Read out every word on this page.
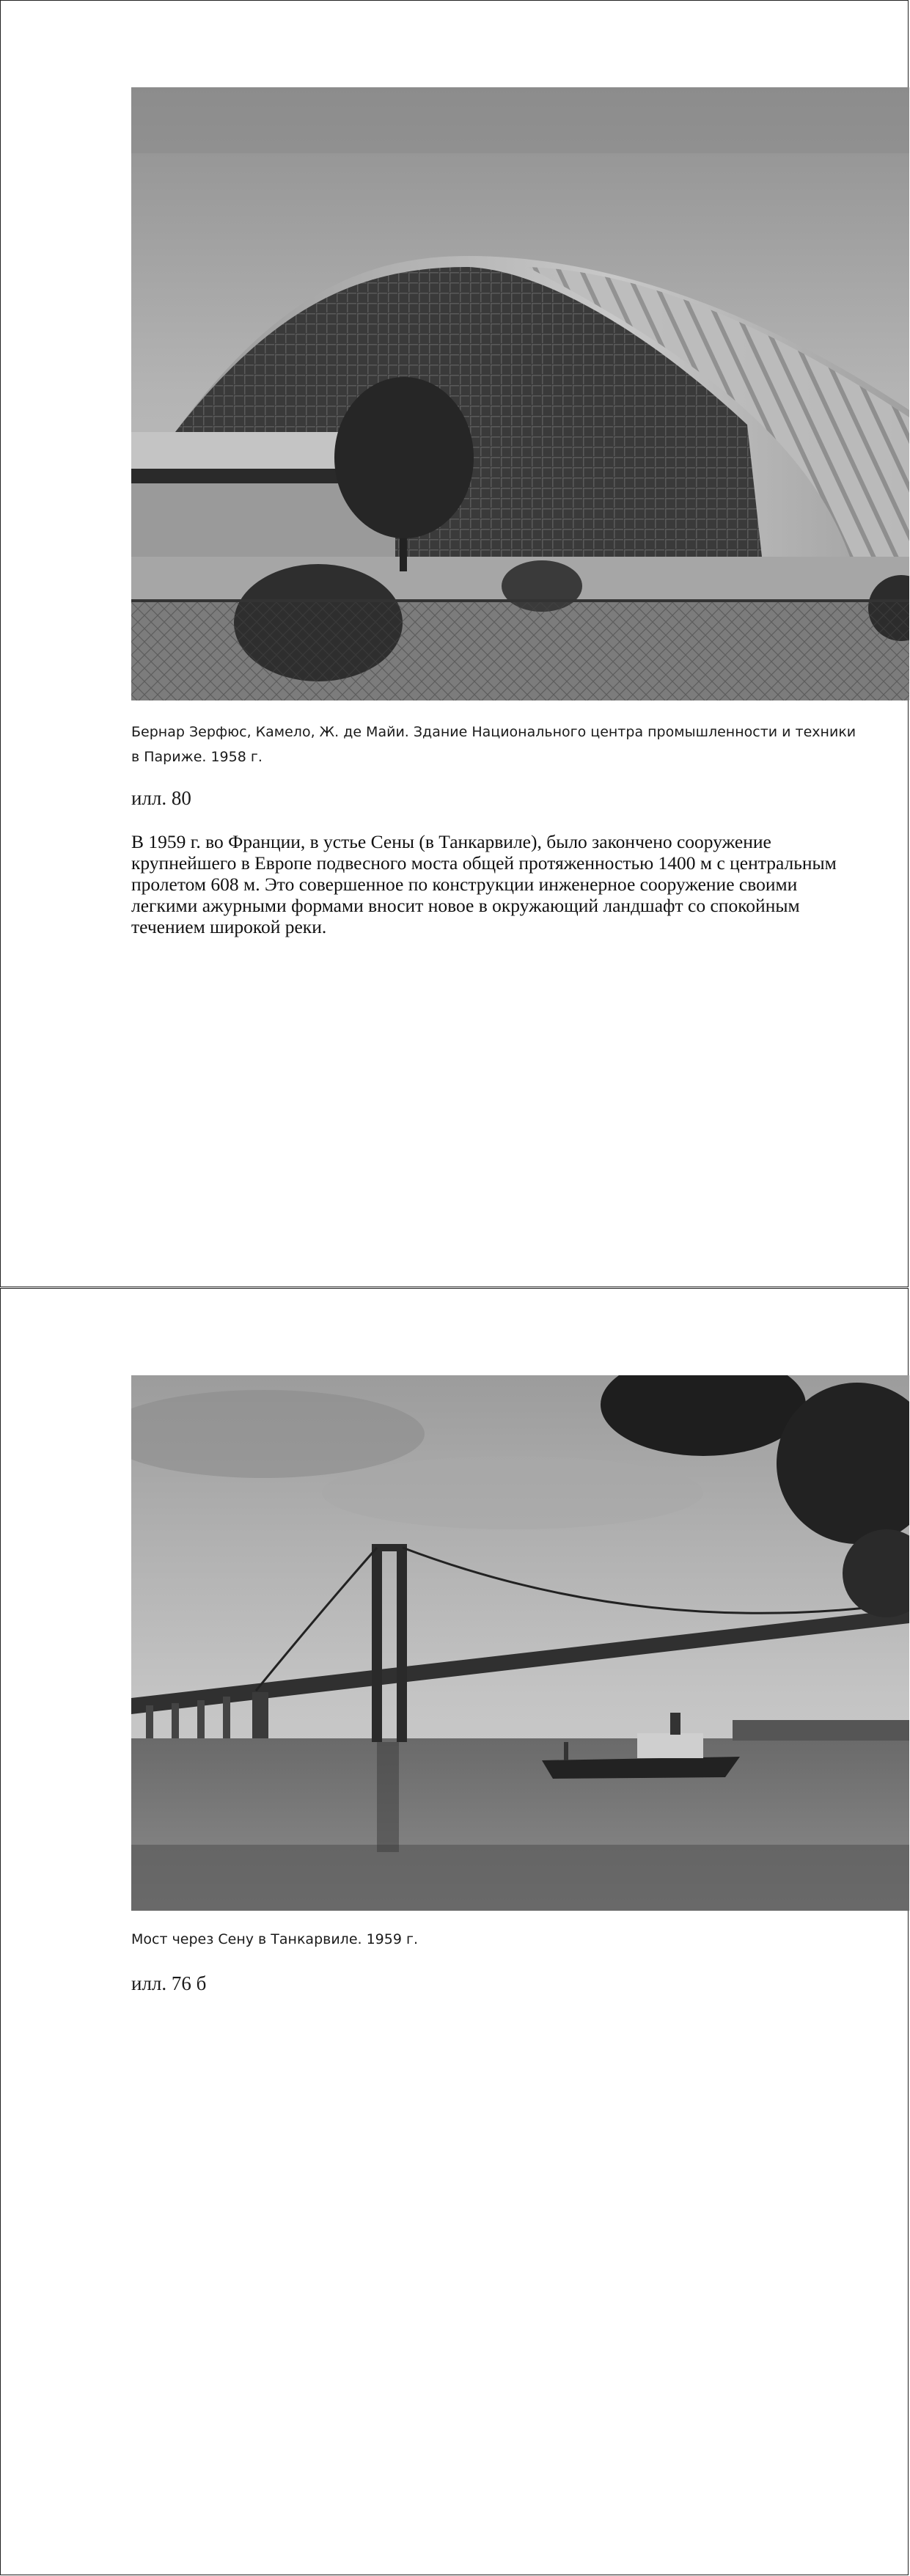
Бернар Зерфюс, Камело, Ж. де Майи. Здание Национального центра промышленности и техники в Париже. 1958 г.
илл. 80
В 1959 г. во Франции, в устье Сены (в Танкарвиле), было закончено сооружение
крупнейшего в Европе подвесного моста общей протяженностью 1400 м с центральным
пролетом 608 м. Это совершенное по конструкции инженерное сооружение своими
легкими ажурными формами вносит новое в окружающий ландшафт со спокойным
течением широкой реки.
Мост через Сену в Танкарвиле. 1959 г.
илл. 76 б
